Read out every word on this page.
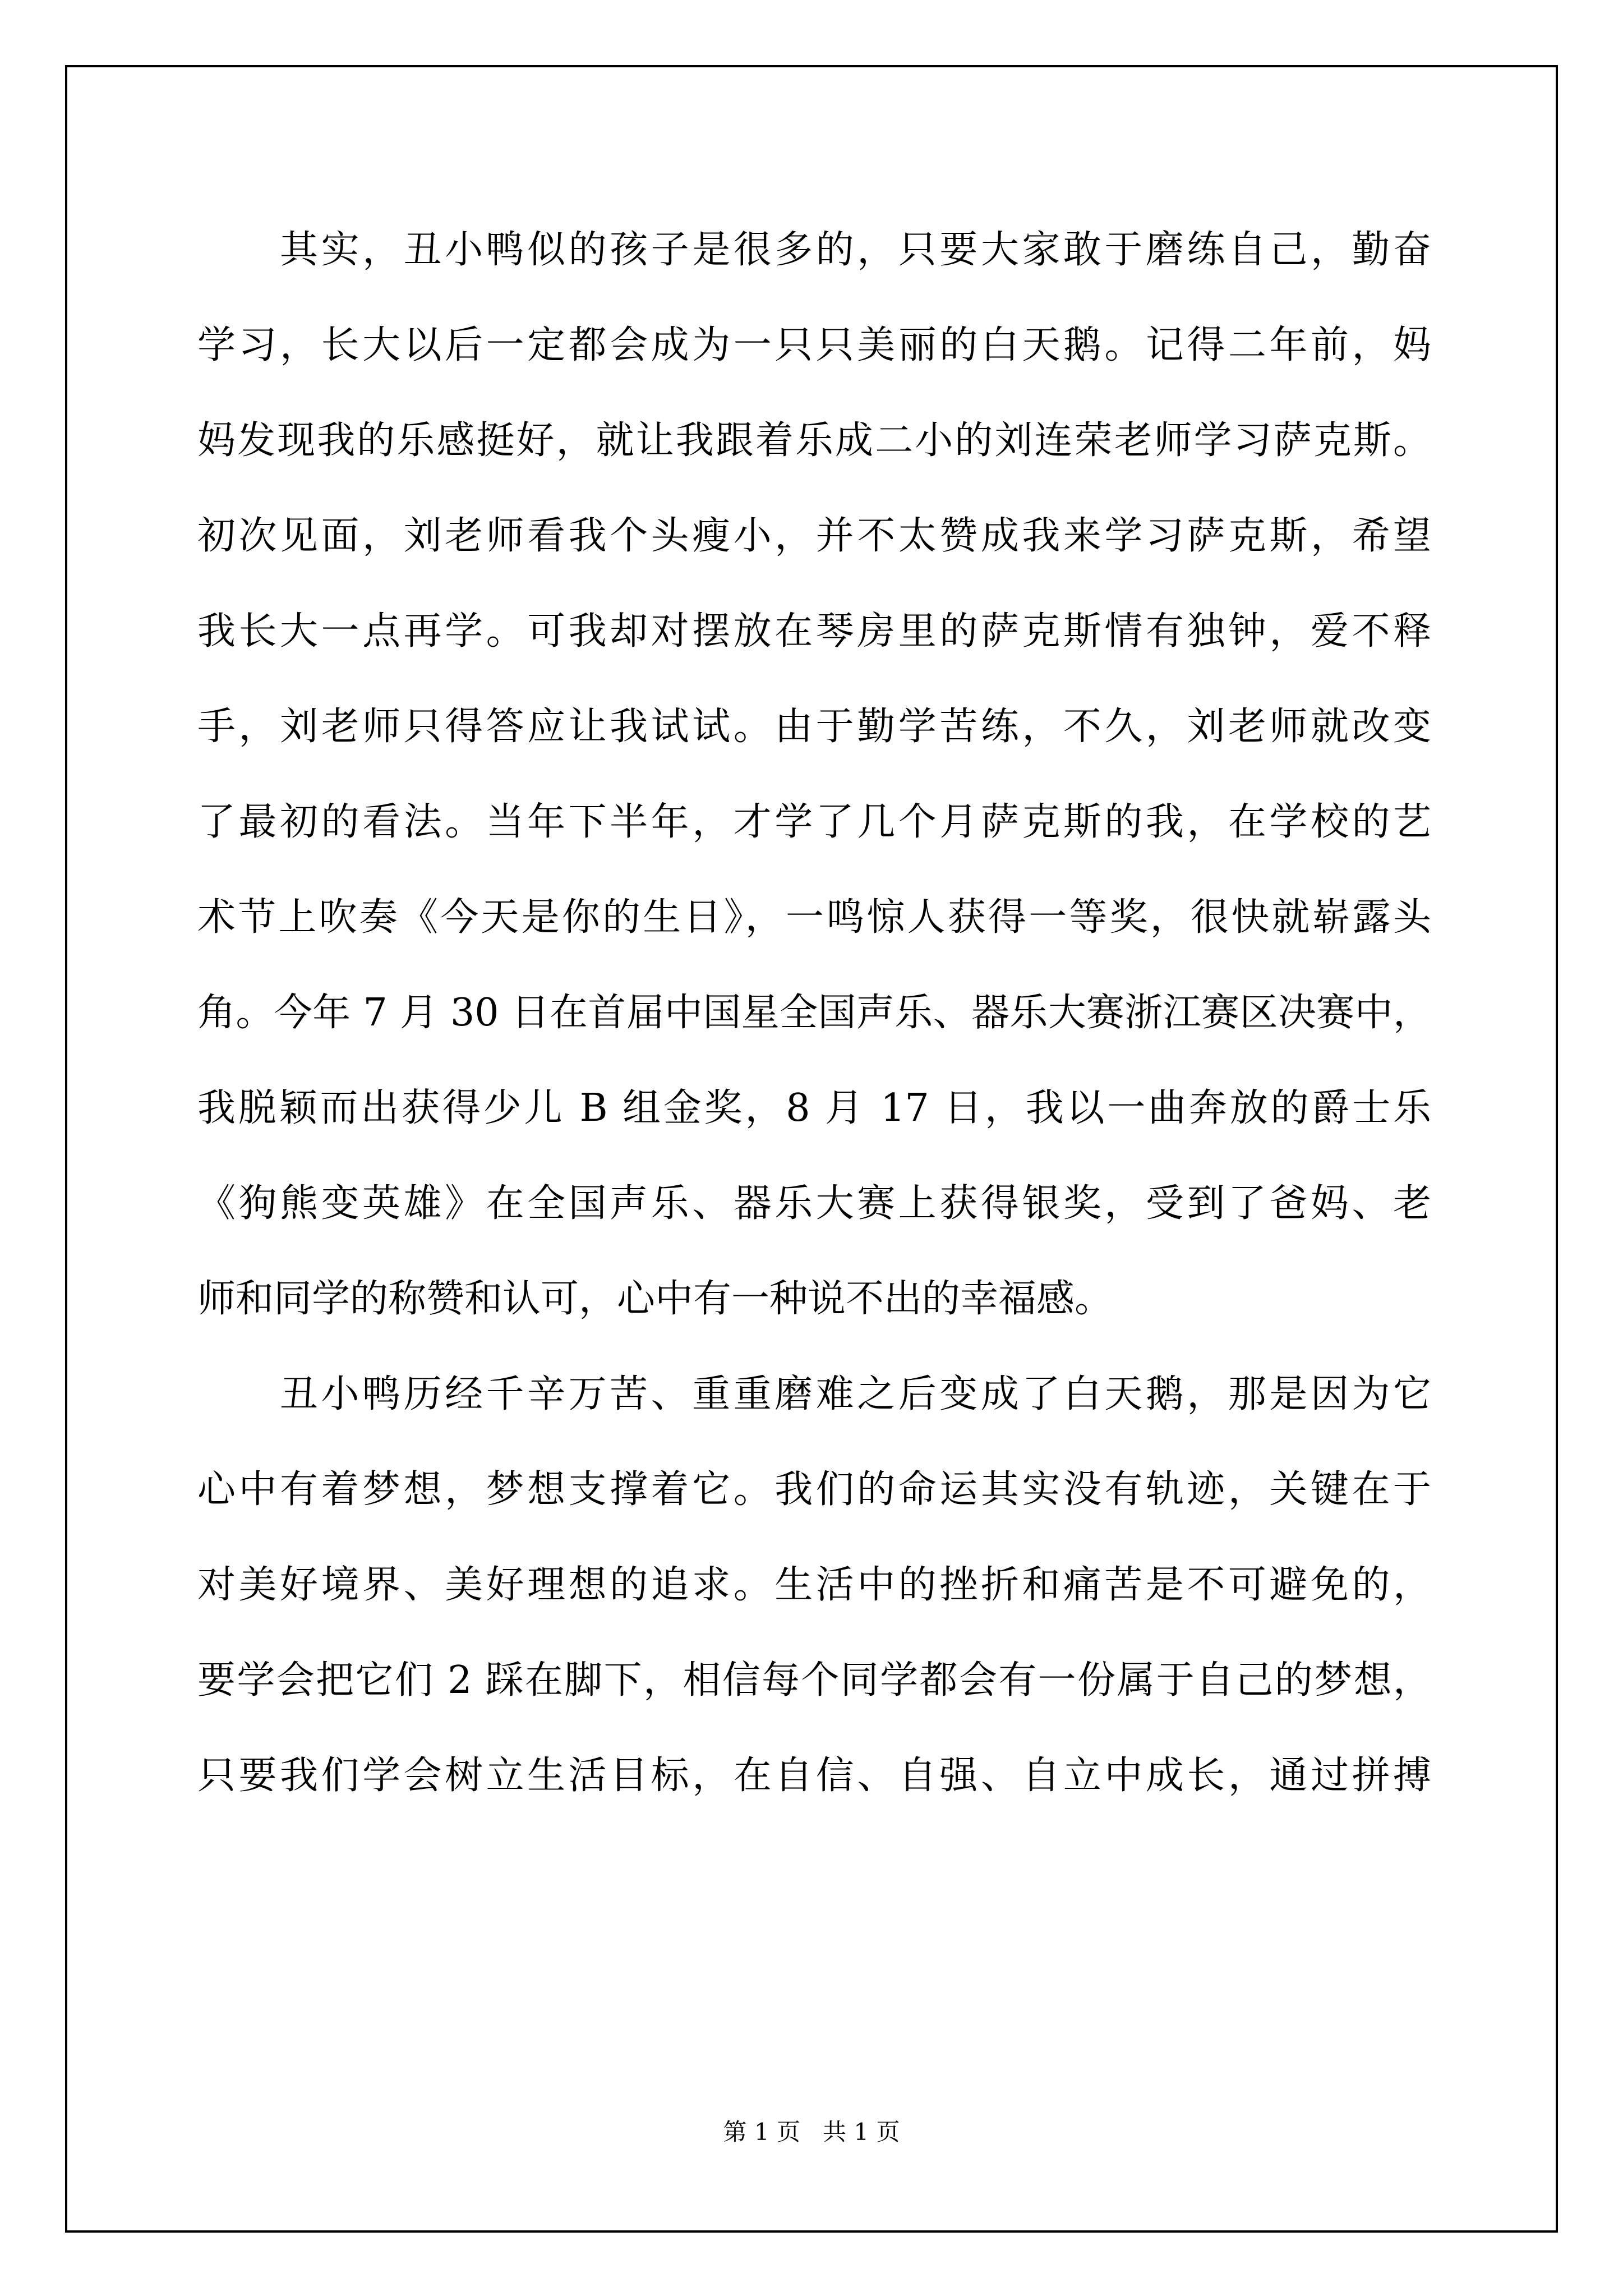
　　其实，丑小鸭似的孩子是很多的，只要大家敢于磨练自己，勤奋
学习，长大以后一定都会成为一只只美丽的白天鹅。记得二年前，妈
妈发现我的乐感挺好，就让我跟着乐成二小的刘连荣老师学习萨克斯。
初次见面，刘老师看我个头瘦小，并不太赞成我来学习萨克斯，希望
我长大一点再学。可我却对摆放在琴房里的萨克斯情有独钟，爱不释
手，刘老师只得答应让我试试。由于勤学苦练，不久，刘老师就改变
了最初的看法。当年下半年，才学了几个月萨克斯的我，在学校的艺
术节上吹奏《今天是你的生日》，一鸣惊人获得一等奖，很快就崭露头
角。今年 7 月 30 日在首届中国星全国声乐、器乐大赛浙江赛区决赛中，
我脱颖而出获得少儿 B 组金奖，8 月 17 日，我以一曲奔放的爵士乐
《狗熊变英雄》在全国声乐、器乐大赛上获得银奖，受到了爸妈、老
师和同学的称赞和认可，心中有一种说不出的幸福感。
　　丑小鸭历经千辛万苦、重重磨难之后变成了白天鹅，那是因为它
心中有着梦想，梦想支撑着它。我们的命运其实没有轨迹，关键在于
对美好境界、美好理想的追求。生活中的挫折和痛苦是不可避免的，
要学会把它们 2 踩在脚下，相信每个同学都会有一份属于自己的梦想，
只要我们学会树立生活目标，在自信、自强、自立中成长，通过拼搏
第 1 页 共 1 页
